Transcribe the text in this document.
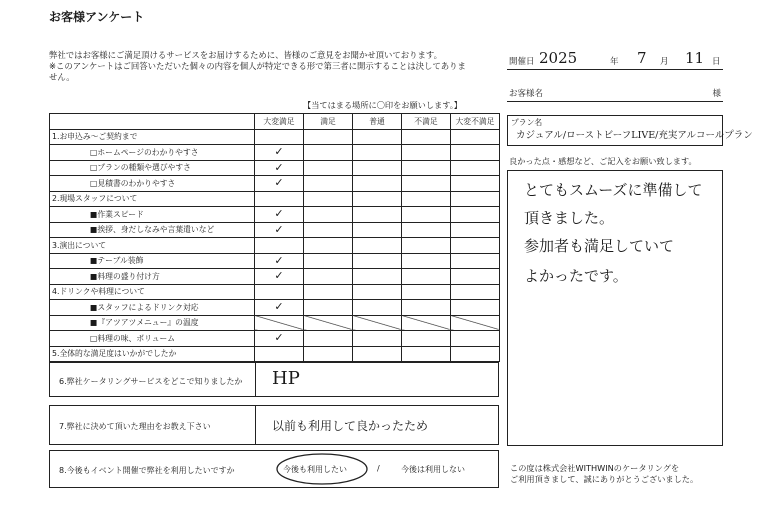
お客様アンケート
弊社ではお客様にご満足頂けるサービスをお届けするために、皆様のご意見をお聞かせ頂いております。
※このアンケートはご回答いただいた個々の内容を個人が特定できる形で第三者に開示することは決してありま
せん。
開催日 2025	年 7 月 11 日
お客様名	様
【当てはまる場所に〇印をお願いします。】
	大変満足	満足	普通	不満足	大変不満足
1.お申込み～ご契約まで					
□ホームページのわかりやすさ	✓				
□プランの種類や選びやすさ	✓				
□見積書のわかりやすさ	✓				
2.現場スタッフについて					
■作業スピード	✓				
■挨拶、身だしなみや言葉遣いなど	✓				
3.演出について					
■テーブル装飾	✓				
■料理の盛り付け方	✓				
4.ドリンクや料理について					
■スタッフによるドリンク対応	✓				
■『アツアツメニュー』の温度					
□料理の味、ボリューム	✓				
5.全体的な満足度はいかがでしたか					
6.弊社ケータリングサービスをどこで知りましたか HP
7.弊社に決めて頂いた理由をお教え下さい	以前も利用して良かったため
8.今後もイベント開催で弊社を利用したいですか	今後も利用したい	/	今後は利用しない
プラン名
カジュアル/ローストビーフLIVE/充実アルコールプラン
良かった点・感想など、ご記入をお願い致します。
とてもスムーズに準備して
頂きました。
参加者も満足していて
よかったです。
この度は株式会社WITHWINのケータリングを
ご利用頂きまして、誠にありがとうございました。
